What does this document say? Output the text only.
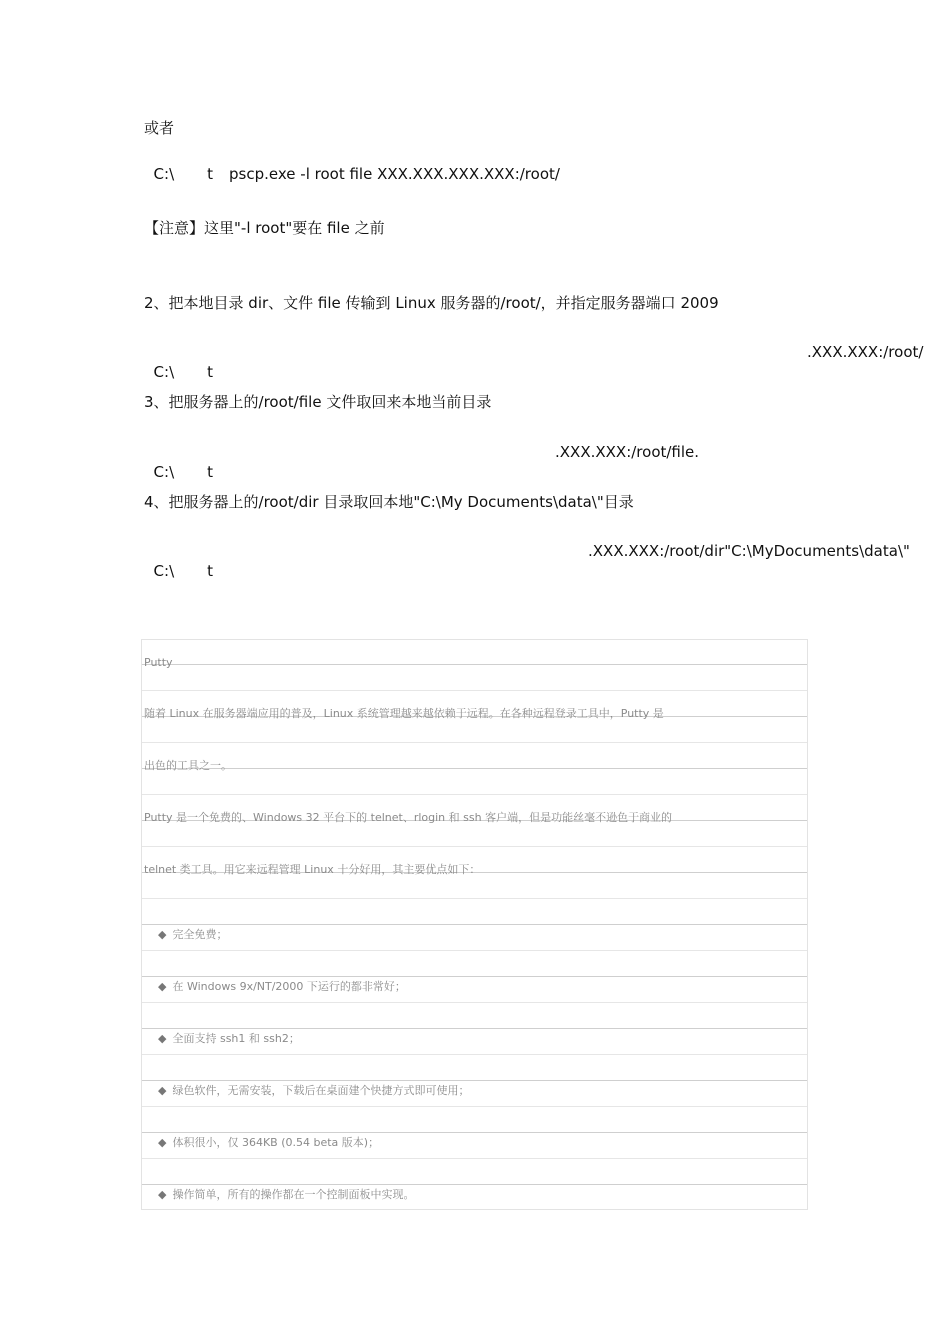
或者

C:\ t pscp.exe -l root file XXX.XXX.XXX.XXX:/root/

【注意】这里"-l root"要在 file 之前
2、把本地目录 dir、文件 file 传输到 Linux 服务器的/root/，并指定服务器端口 2009

C:\ t

.XXX.XXX:/root/
3、把服务器上的/root/file 文件取回来本地当前目录

C:\ t

.XXX.XXX:/root/file.
4、把服务器上的/root/dir 目录取回本地"C:\My Documents\data\"目录

C:\ t

.XXX.XXX:/root/dir"C:\MyDocuments\data\"
Putty
随着 Linux 在服务器端应用的普及，Linux 系统管理越来越依赖于远程。在各种远程登录工具中，Putty 是
出色的工具之一。
Putty 是一个免费的、Windows 32 平台下的 telnet、rlogin 和 ssh 客户端，但是功能丝毫不逊色于商业的
telnet 类工具。用它来远程管理 Linux 十分好用，其主要优点如下：

◆ 完全免费；

◆ 在 Windows 9x/NT/2000 下运行的都非常好；

◆ 全面支持 ssh1 和 ssh2；

◆ 绿色软件，无需安装，下载后在桌面建个快捷方式即可使用；

◆ 体积很小，仅 364KB (0.54 beta 版本)；

◆ 操作简单，所有的操作都在一个控制面板中实现。
